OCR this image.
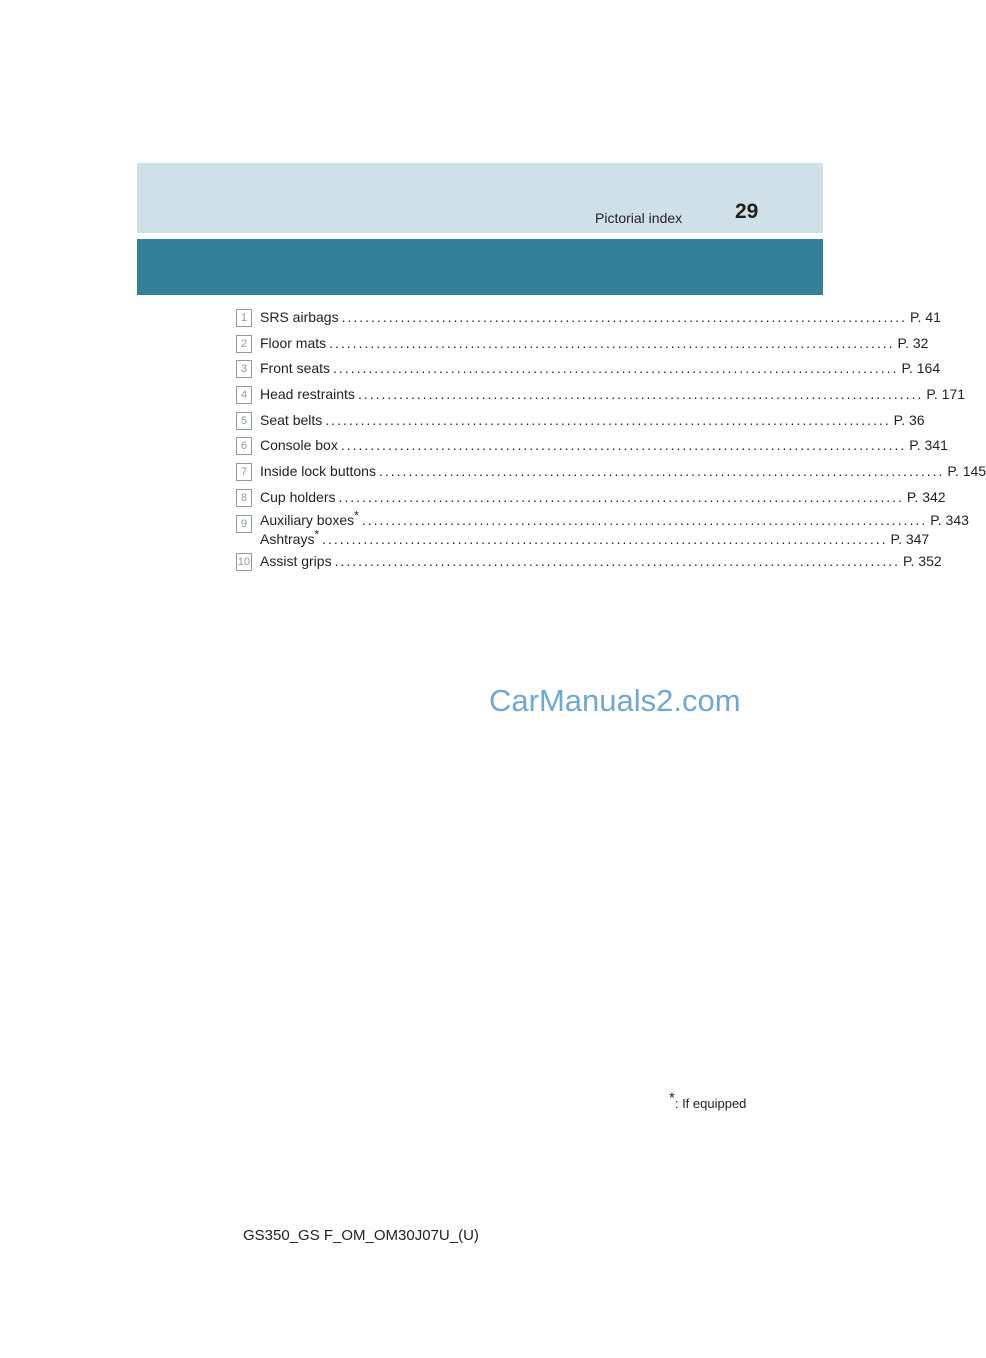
Pictorial index	29
1 SRS airbags ................................................................................................ P. 41
2 Floor mats ................................................................................................ P. 32
3 Front seats ................................................................................................ P. 164
4 Head restraints ................................................................................................ P. 171
5 Seat belts ................................................................................................ P. 36
6 Console box ................................................................................................ P. 341
7 Inside lock buttons ................................................................................................ P. 145
8 Cup holders ................................................................................................ P. 342
9 Auxiliary boxes* ................................................................................................ P. 343
Ashtrays* ................................................................................................ P. 347
10 Assist grips ................................................................................................ P. 352
CarManuals2.com
*: If equipped
GS350_GS F_OM_OM30J07U_(U)
